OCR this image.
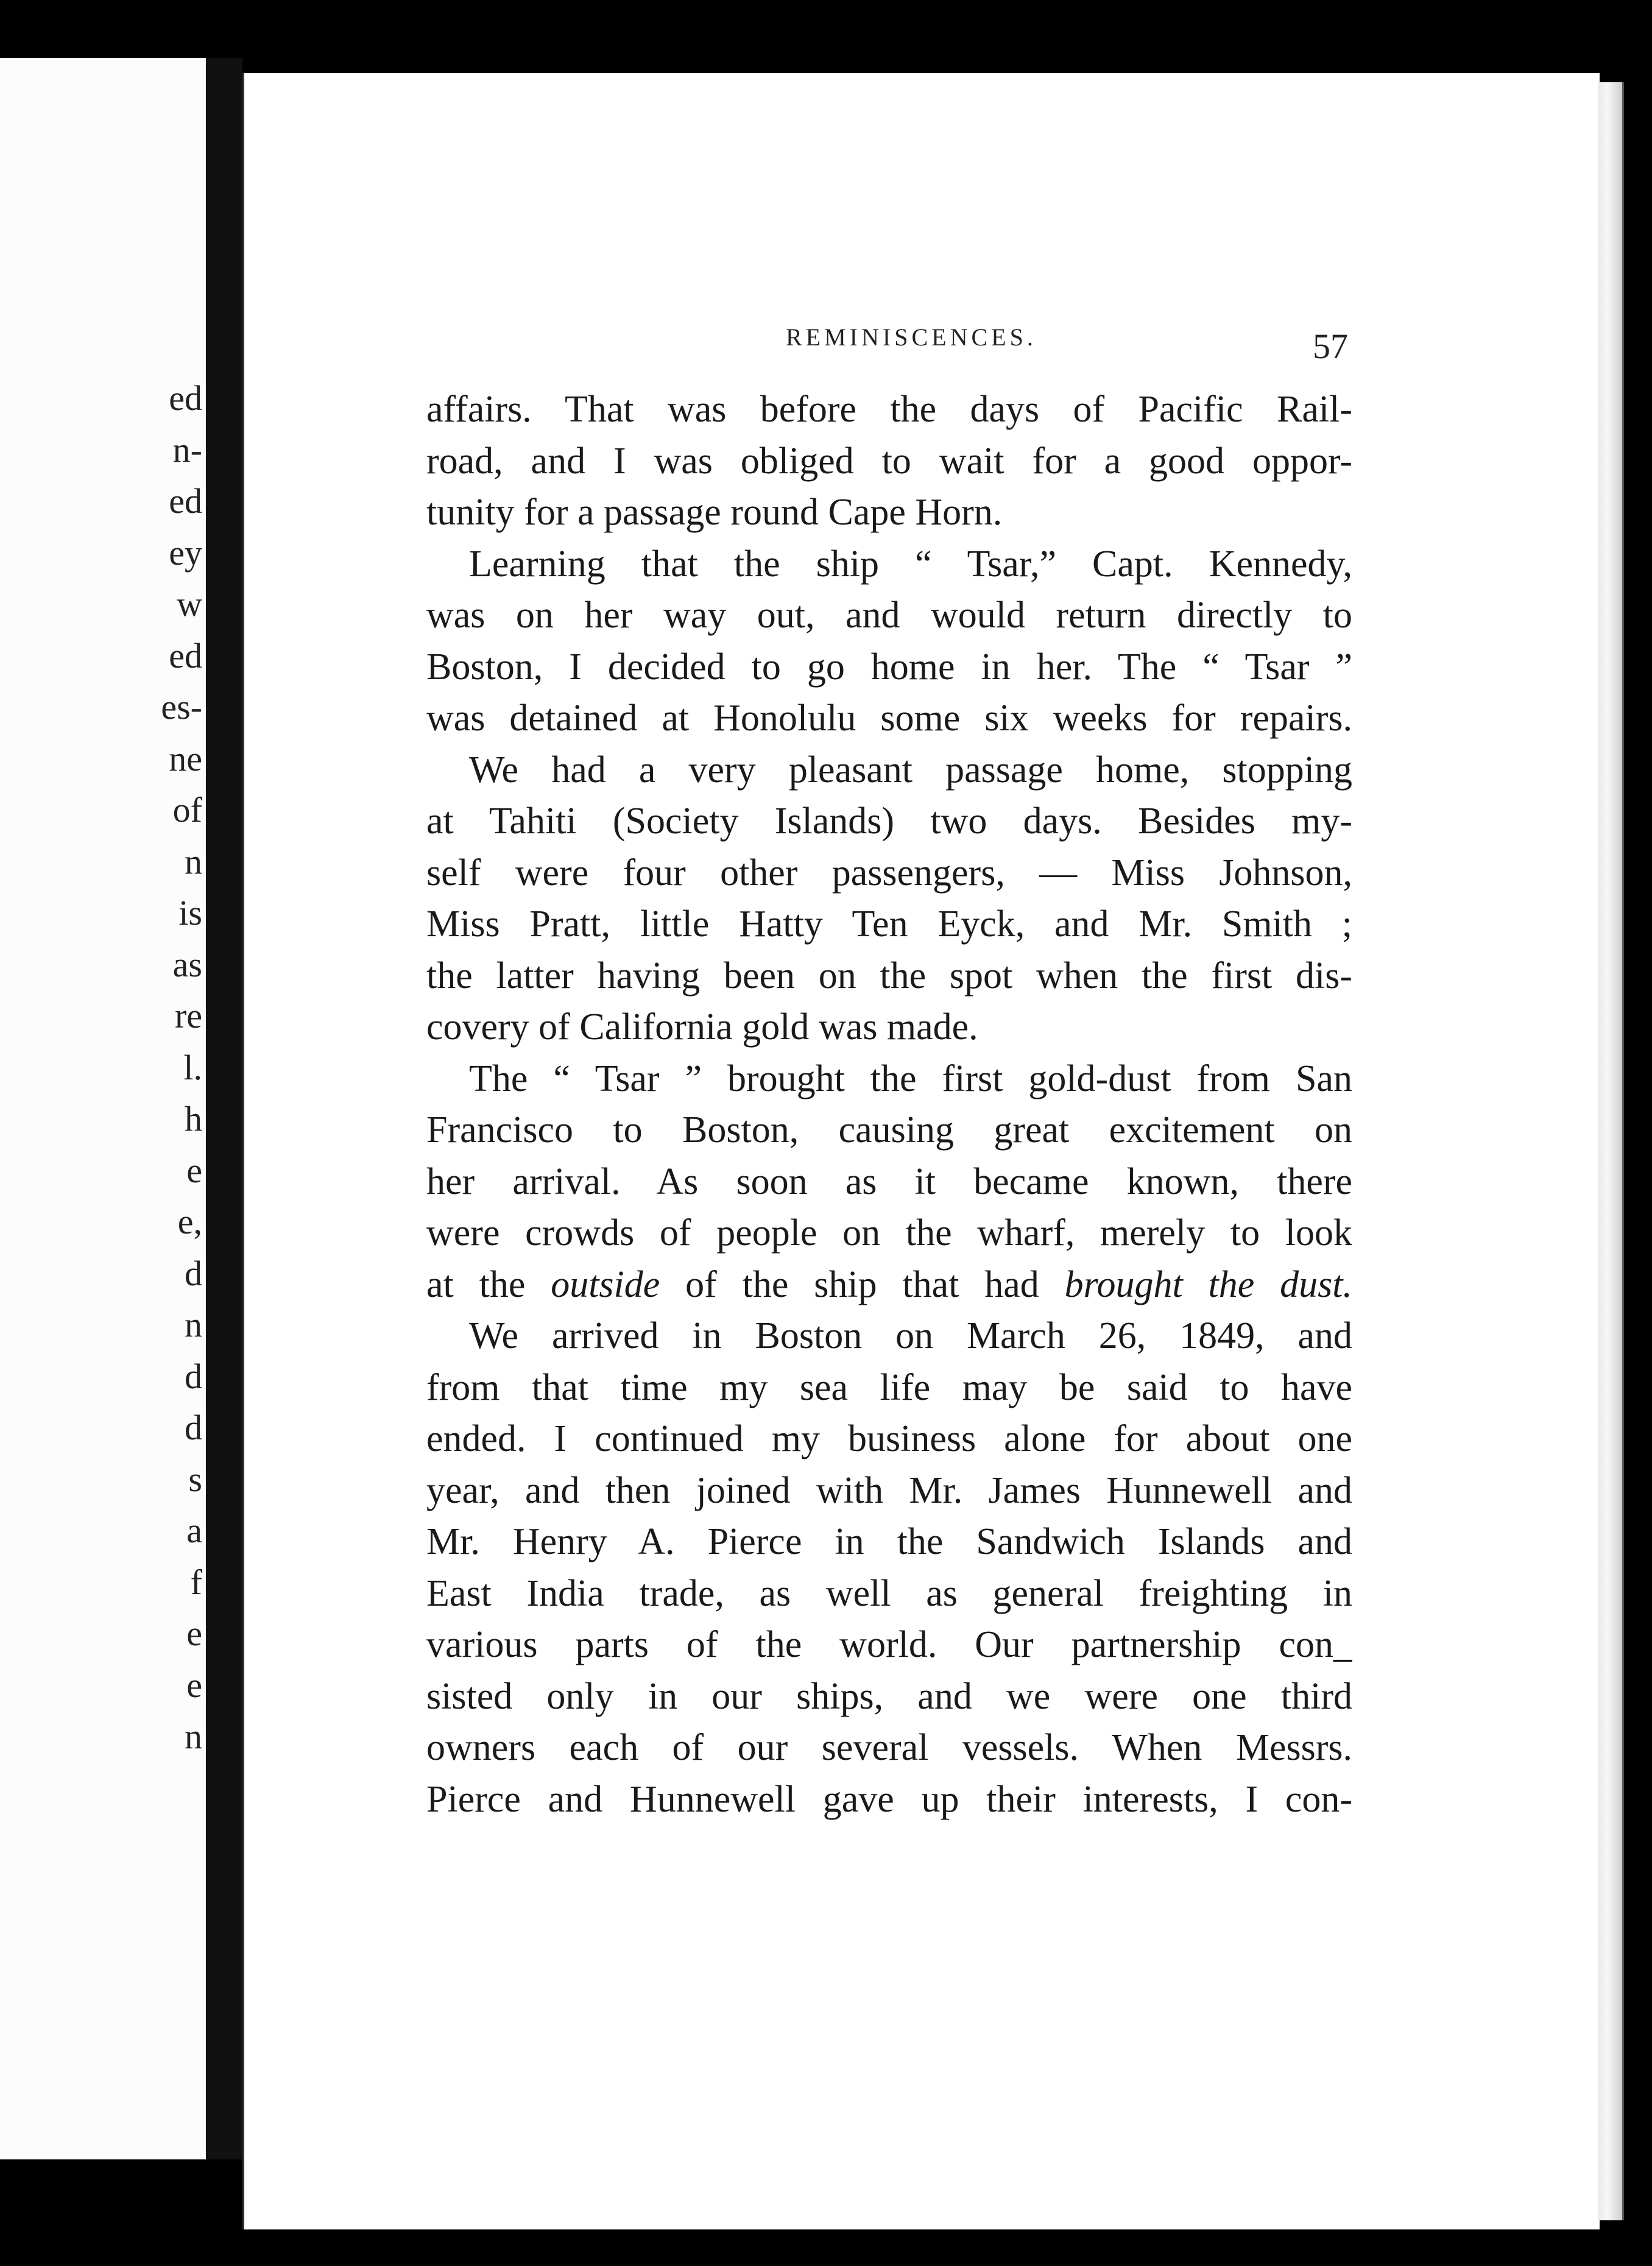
ed
n-
ed
ey
w
ed
es-
ne
of
n
is
as
re
l.
h
e
e,
d
n
d
d
s
a
f
e
e
n
REMINISCENCES.	57
affairs. That was before the days of Pacific Rail-
road, and I was obliged to wait for a good oppor-
tunity for a passage round Cape Horn.
Learning that the ship “ Tsar,” Capt. Kennedy,
was on her way out, and would return directly to
Boston, I decided to go home in her. The “ Tsar ”
was detained at Honolulu some six weeks for repairs.
We had a very pleasant passage home, stopping
at Tahiti (Society Islands) two days. Besides my-
self were four other passengers, — Miss Johnson,
Miss Pratt, little Hatty Ten Eyck, and Mr. Smith ;
the latter having been on the spot when the first dis-
covery of California gold was made.
The “ Tsar ” brought the first gold-dust from San
Francisco to Boston, causing great excitement on
her arrival. As soon as it became known, there
were crowds of people on the wharf, merely to look
at the outside of the ship that had brought the dust.
We arrived in Boston on March 26, 1849, and
from that time my sea life may be said to have
ended. I continued my business alone for about one
year, and then joined with Mr. James Hunnewell and
Mr. Henry A. Pierce in the Sandwich Islands and
East India trade, as well as general freighting in
various parts of the world. Our partnership con_
sisted only in our ships, and we were one third
owners each of our several vessels. When Messrs.
Pierce and Hunnewell gave up their interests, I con-
